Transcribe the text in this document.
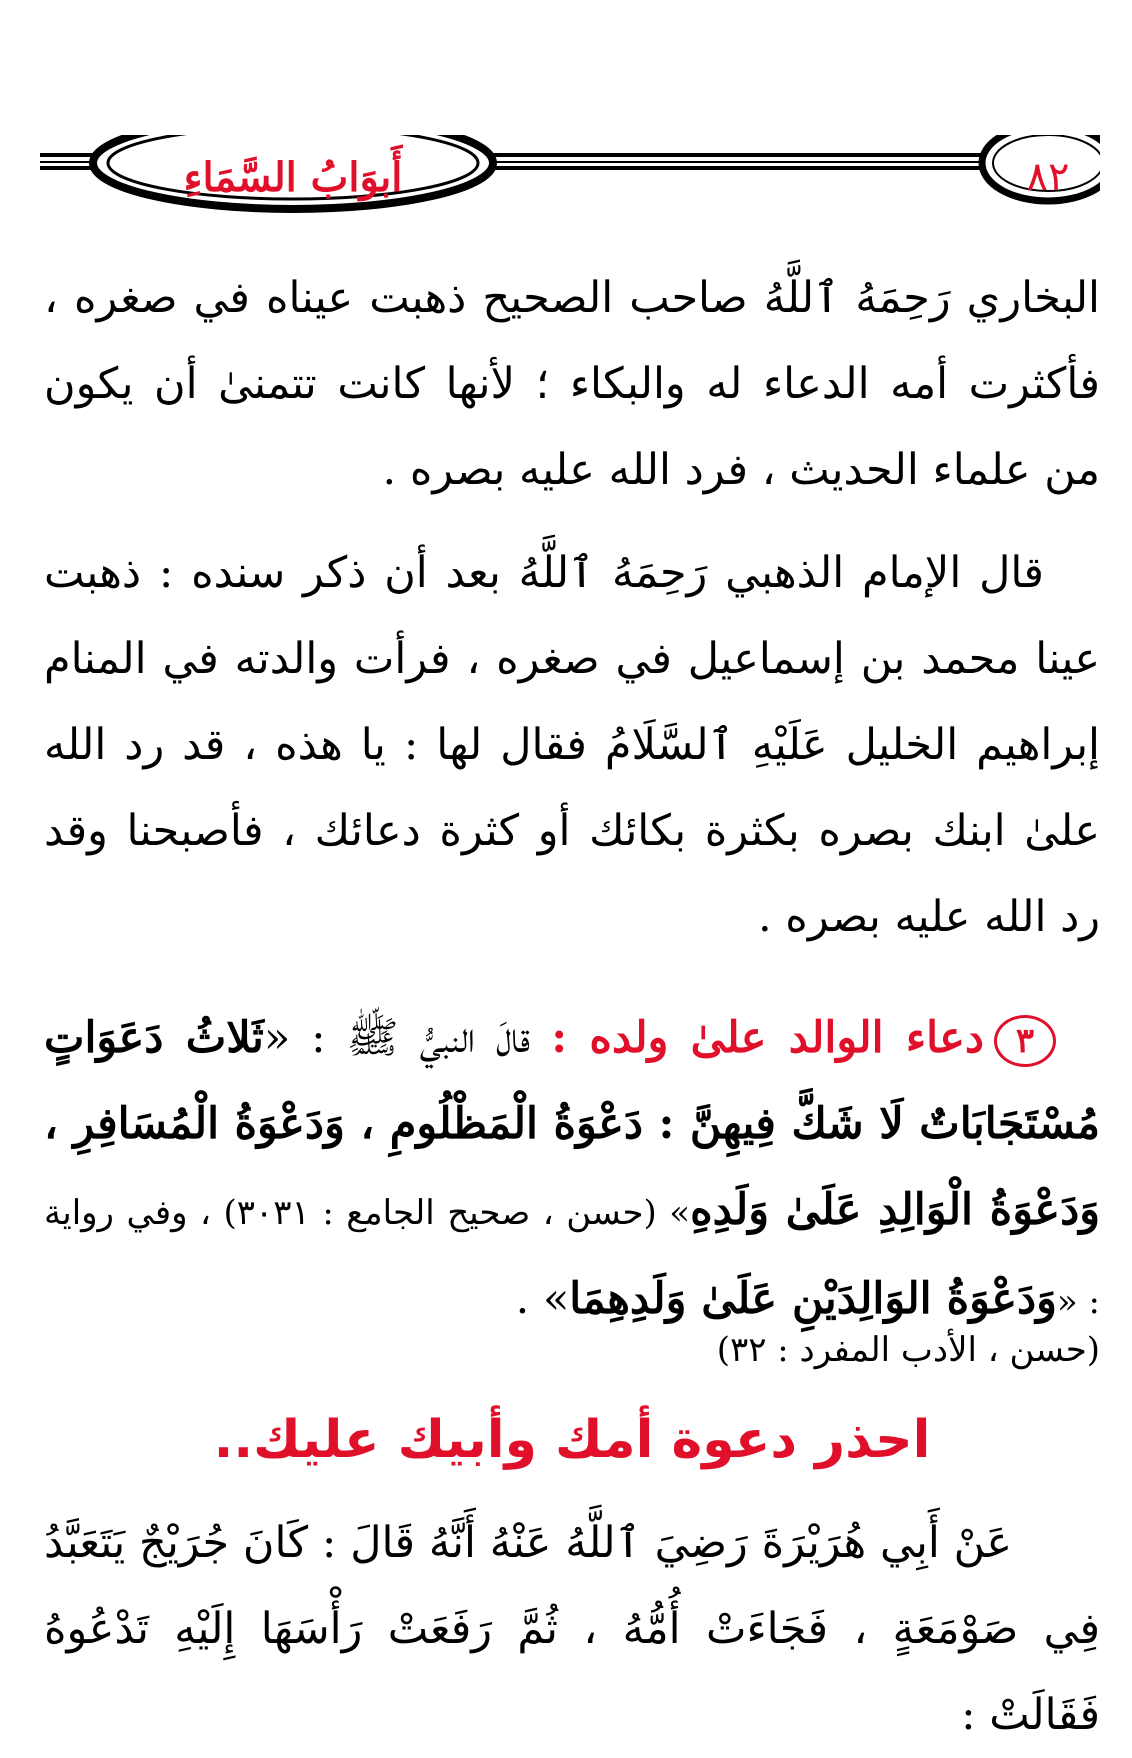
أَبوَابُ السَّمَاءِ	٨٢
البخاري رَحِمَهُ ٱللَّهُ صاحب الصحيح ذهبت عيناه في صغره ، فأكثرت أمه الدعاء له والبكاء ؛ لأنها كانت تتمنىٰ أن يكون من علماء الحديث ، فرد الله عليه بصره .
قال الإمام الذهبي رَحِمَهُ ٱللَّهُ بعد أن ذكر سنده : ذهبت عينا محمد بن إسماعيل في صغره ، فرأت والدته في المنام إبراهيم الخليل عَلَيْهِ ٱلسَّلَامُ فقال لها : يا هذه ، قد رد الله علىٰ ابنك بصره بكثرة بكائك أو كثرة دعائك ، فأصبحنا وقد رد الله عليه بصره .
٣دعاء الوالد علىٰ ولده : قالَ النبيُّ ﷺ : «ثَلاثُ دَعَوَاتٍ مُسْتَجَابَاتٌ لَا شَكَّ فِيهِنَّ : دَعْوَةُ الْمَظْلُومِ ، وَدَعْوَةُ الْمُسَافِرِ ، وَدَعْوَةُ الْوَالِدِ عَلَىٰ وَلَدِهِ» (حسن ، صحيح الجامع : ٣٠٣١) ، وفي رواية : «وَدَعْوَةُ الوَالِدَيْنِ عَلَىٰ وَلَدِهِمَا» .
(حسن ، الأدب المفرد : ٣٢)
احذر دعوة أمك وأبيك عليك..
عَنْ أَبِي هُرَيْرَةَ رَضِيَ ٱللَّهُ عَنْهُ أَنَّهُ قَالَ : كَانَ جُرَيْجٌ يَتَعَبَّدُ فِي صَوْمَعَةٍ ، فَجَاءَتْ أُمُّهُ ، ثُمَّ رَفَعَتْ رَأْسَهَا إِلَيْهِ تَدْعُوهُ فَقَالَتْ :
